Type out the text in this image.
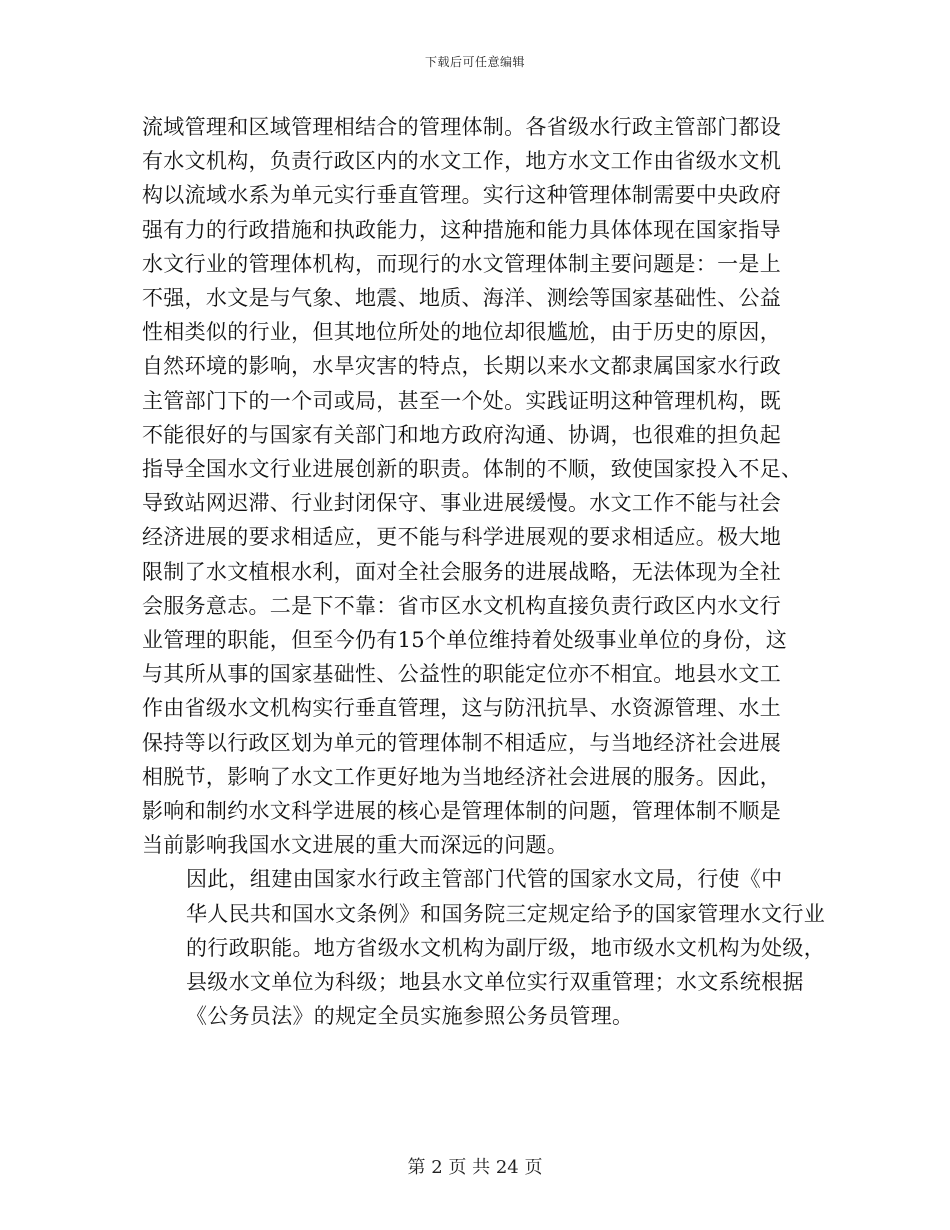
下载后可任意编辑
流域管理和区域管理相结合的管理体制。各省级水行政主管部门都设
有水文机构，负责行政区内的水文工作，地方水文工作由省级水文机
构以流域水系为单元实行垂直管理。实行这种管理体制需要中央政府
强有力的行政措施和执政能力，这种措施和能力具体体现在国家指导
水文行业的管理体机构，而现行的水文管理体制主要问题是：一是上
不强，水文是与气象、地震、地质、海洋、测绘等国家基础性、公益
性相类似的行业，但其地位所处的地位却很尴尬，由于历史的原因，
自然环境的影响，水旱灾害的特点，长期以来水文都隶属国家水行政
主管部门下的一个司或局，甚至一个处。实践证明这种管理机构，既
不能很好的与国家有关部门和地方政府沟通、协调，也很难的担负起
指导全国水文行业进展创新的职责。体制的不顺，致使国家投入不足、
导致站网迟滞、行业封闭保守、事业进展缓慢。水文工作不能与社会
经济进展的要求相适应，更不能与科学进展观的要求相适应。极大地
限制了水文植根水利，面对全社会服务的进展战略，无法体现为全社
会服务意志。二是下不靠：省市区水文机构直接负责行政区内水文行
业管理的职能，但至今仍有15个单位维持着处级事业单位的身份，这
与其所从事的国家基础性、公益性的职能定位亦不相宜。地县水文工
作由省级水文机构实行垂直管理，这与防汛抗旱、水资源管理、水土
保持等以行政区划为单元的管理体制不相适应，与当地经济社会进展
相脱节，影响了水文工作更好地为当地经济社会进展的服务。因此，
影响和制约水文科学进展的核心是管理体制的问题，管理体制不顺是
当前影响我国水文进展的重大而深远的问题。
因此，组建由国家水行政主管部门代管的国家水文局，行使《中
华人民共和国水文条例》和国务院三定规定给予的国家管理水文行业
的行政职能。地方省级水文机构为副厅级，地市级水文机构为处级，
县级水文单位为科级；地县水文单位实行双重管理；水文系统根据
《公务员法》的规定全员实施参照公务员管理。
第 2 页 共 24 页
